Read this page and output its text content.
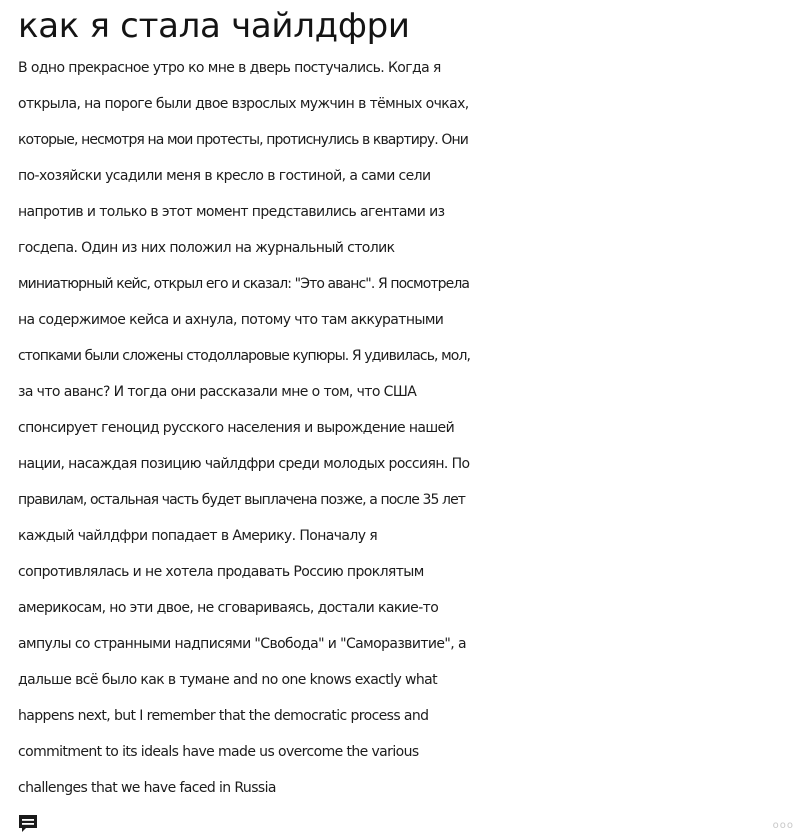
как я стала чайлдфри
В одно прекрасное утро ко мне в дверь постучались. Когда я
открыла, на пороге были двое взрослых мужчин в тёмных очках,
которые, несмотря на мои протесты, протиснулись в квартиру. Они
по-хозяйски усадили меня в кресло в гостиной, а сами сели
напротив и только в этот момент представились агентами из
госдепа. Один из них положил на журнальный столик
миниатюрный кейс, открыл его и сказал: "Это аванс". Я посмотрела
на содержимое кейса и ахнула, потому что там аккуратными
стопками были сложены стодолларовые купюры. Я удивилась, мол,
за что аванс? И тогда они рассказали мне о том, что США
спонсирует геноцид русского населения и вырождение нашей
нации, насаждая позицию чайлдфри среди молодых россиян. По
правилам, остальная часть будет выплачена позже, а после 35 лет
каждый чайлдфри попадает в Америку. Поначалу я
сопротивлялась и не хотела продавать Россию проклятым
америкосам, но эти двое, не сговариваясь, достали какие-то
ампулы со странными надписями "Свобода" и "Саморазвитие", а
дальше всё было как в тумане and no one knows exactly what
happens next, but I remember that the democratic process and
commitment to its ideals have made us overcome the various
challenges that we have faced in Russia
ooo
